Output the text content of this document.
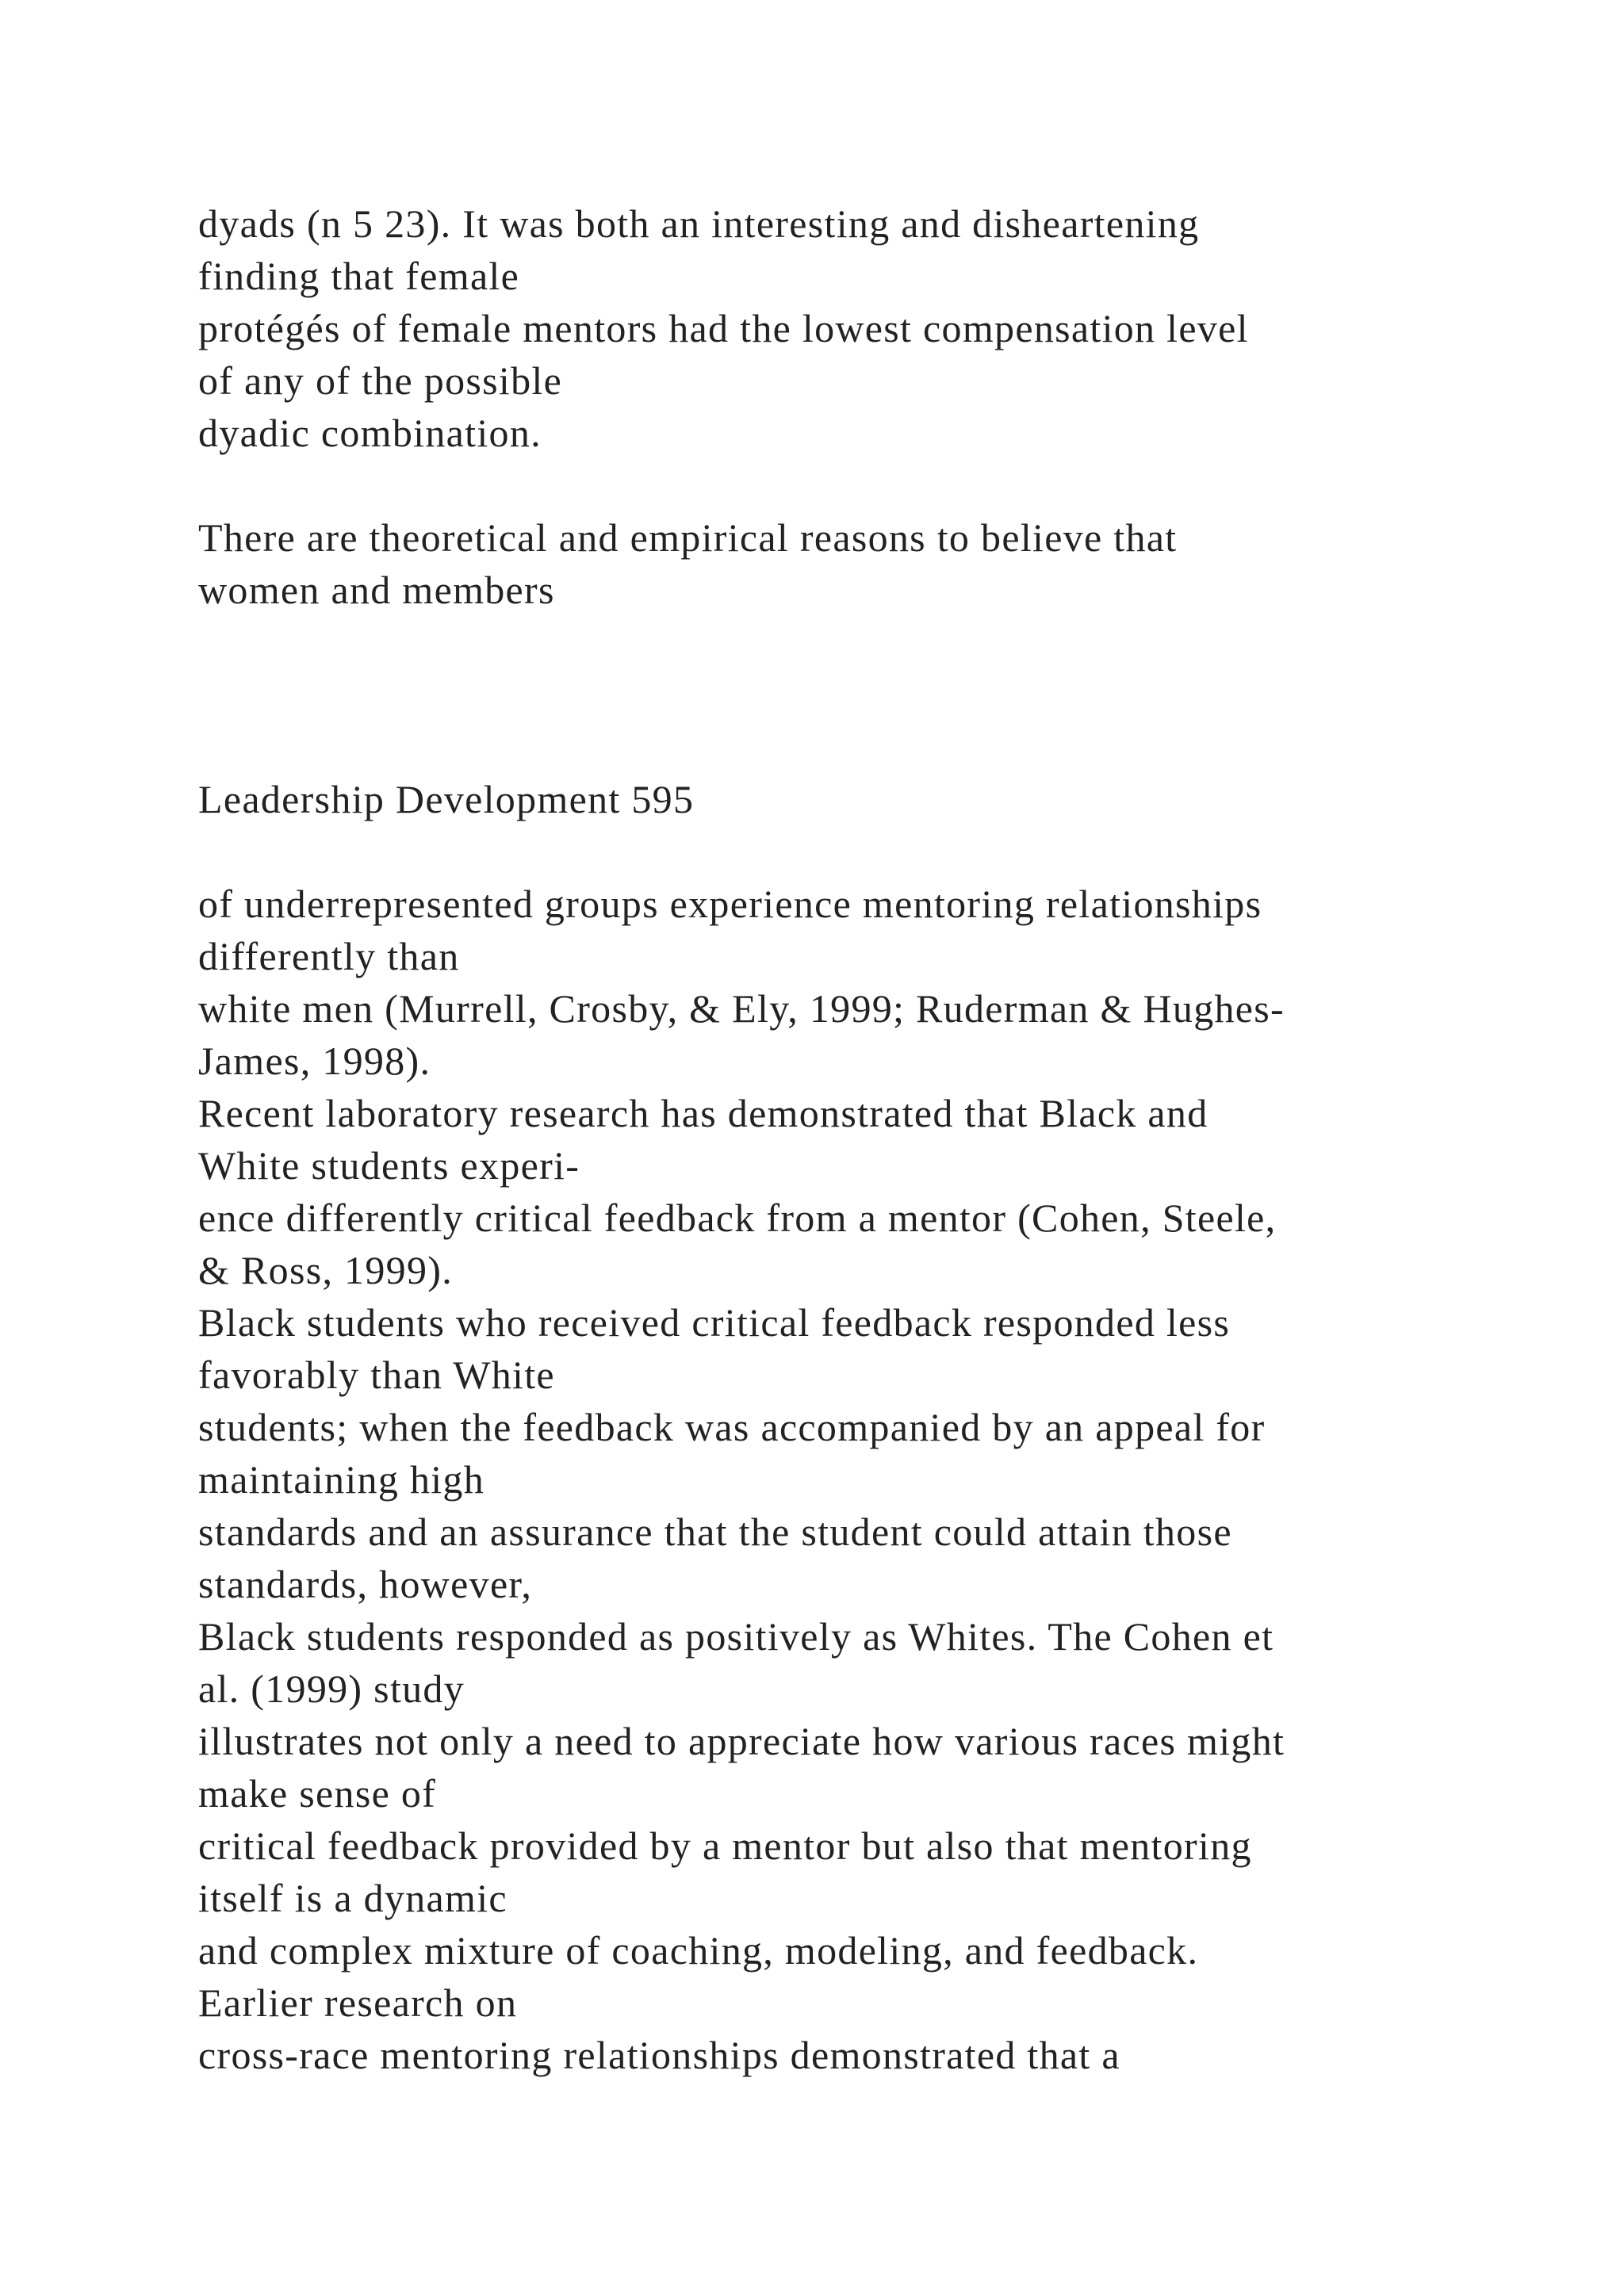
dyads (n 5 23). It was both an interesting and disheartening

finding that female

protégés of female mentors had the lowest compensation level

of any of the possible

dyadic combination.

There are theoretical and empirical reasons to believe that

women and members

Leadership Development 595

of underrepresented groups experience mentoring relationships

differently than

white men (Murrell, Crosby, & Ely, 1999; Ruderman & Hughes-

James, 1998).

Recent laboratory research has demonstrated that Black and

White students experi-

ence differently critical feedback from a mentor (Cohen, Steele,

& Ross, 1999).

Black students who received critical feedback responded less

favorably than White

students; when the feedback was accompanied by an appeal for

maintaining high

standards and an assurance that the student could attain those

standards, however,

Black students responded as positively as Whites. The Cohen et

al. (1999) study

illustrates not only a need to appreciate how various races might

make sense of

critical feedback provided by a mentor but also that mentoring

itself is a dynamic

and complex mixture of coaching, modeling, and feedback.

Earlier research on

cross-race mentoring relationships demonstrated that a
